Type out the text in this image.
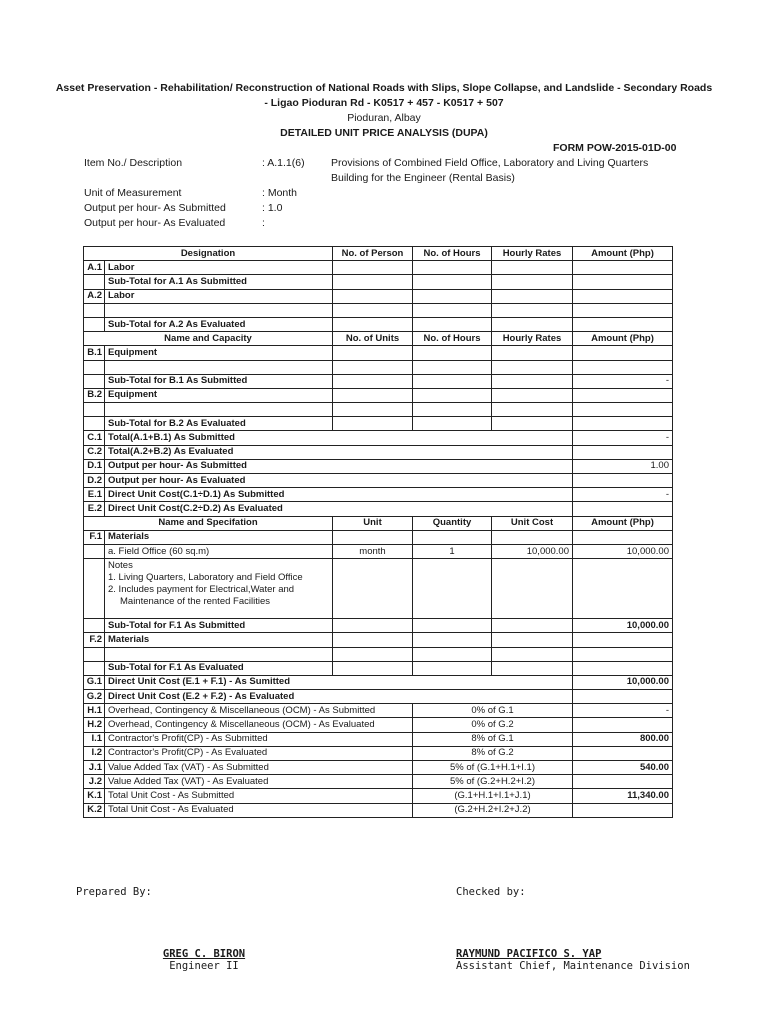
Asset Preservation - Rehabilitation/ Reconstruction of National Roads with Slips, Slope Collapse, and Landslide - Secondary Roads
- Ligao Pioduran Rd - K0517 + 457 - K0517 + 507
Pioduran, Albay
DETAILED UNIT PRICE ANALYSIS (DUPA)
FORM POW-2015-01D-00
Item No./ Description	: A.1.1(6)	Provisions of Combined Field Office, Laboratory and Living Quarters
Building for the Engineer (Rental Basis)
Unit of Measurement	: Month
Output per hour- As Submitted	: 1.0
Output per hour- As Evaluated	:
Designation		No. of Person	No. of Hours	Hourly Rates	Amount (Php)
A.1	Labor				
	Sub-Total for A.1 As Submitted				
A.2	Labor				

	Sub-Total for A.2 As Evaluated				
Name and Capacity		No. of Units	No. of Hours	Hourly Rates	Amount (Php)
B.1	Equipment				

	Sub-Total for B.1 As Submitted				-
B.2	Equipment				

	Sub-Total for B.2 As Evaluated				
C.1	Total(A.1+B.1) As Submitted				-
C.2	Total(A.2+B.2) As Evaluated				
D.1	Output per hour- As Submitted				1.00
D.2	Output per hour- As Evaluated				
E.1	Direct Unit Cost(C.1÷D.1) As Submitted				-
E.2	Direct Unit Cost(C.2÷D.2) As Evaluated				
Name and Specifation		Unit	Quantity	Unit Cost	Amount (Php)
F.1	Materials				
	a. Field Office (60 sq.m)	month	1	10,000.00	10,000.00

	Notes
1. Living Quarters, Laboratory and Field Office
2. Includes payment for Electrical,Water and
Maintenance of the rented Facilities				

	Sub-Total for F.1 As Submitted				10,000.00
F.2	Materials				

	Sub-Total for F.1 As Evaluated				
G.1	Direct Unit Cost (E.1 + F.1) - As Sumitted				10,000.00
G.2	Direct Unit Cost (E.2 + F.2) - As Evaluated				
H.1	Overhead, Contingency & Miscellaneous (OCM) - As Submitted		0% of G.1		-
H.2	Overhead, Contingency & Miscellaneous (OCM) - As Evaluated		0% of G.2		
I.1	Contractor's Profit(CP) - As Submitted		8% of G.1		800.00
I.2	Contractor's Profit(CP) - As Evaluated		8% of G.2		
J.1	Value Added Tax (VAT) - As Submitted		5% of (G.1+H.1+I.1)		540.00
J.2	Value Added Tax (VAT) - As Evaluated		5% of (G.2+H.2+I.2)		
K.1	Total Unit Cost - As Submitted		(G.1+H.1+I.1+J.1)		11,340.00
K.2	Total Unit Cost - As Evaluated		(G.2+H.2+I.2+J.2)		
Prepared By:	Checked by:
GREG C. BIRON
Engineer II
RAYMUND PACIFICO S. YAP
Assistant Chief, Maintenance Division
